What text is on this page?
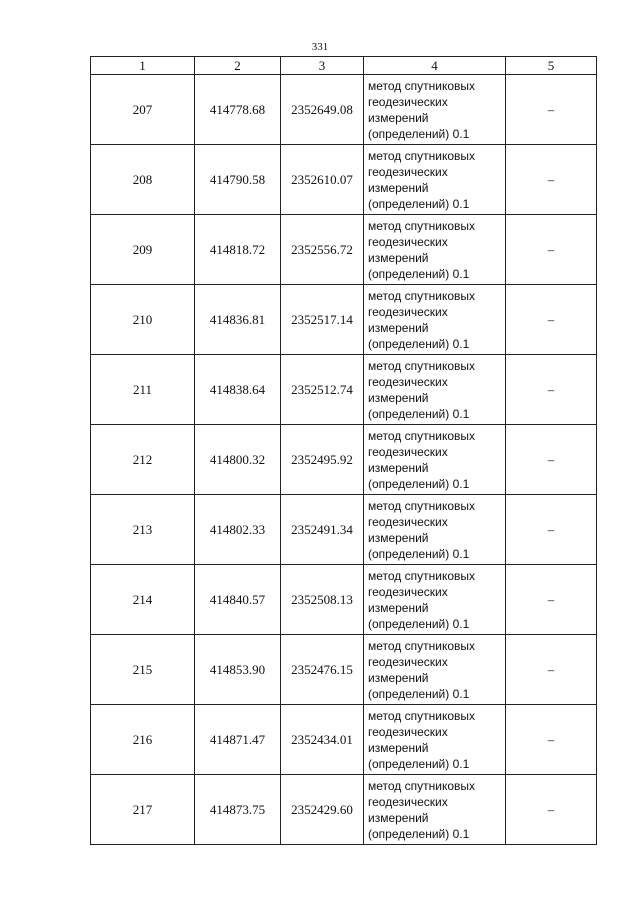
331
1	2	3	4	5
207	414778.68	2352649.08	метод спутниковых
геодезических
измерений
(определений) 0.1	–
208	414790.58	2352610.07	метод спутниковых
геодезических
измерений
(определений) 0.1	–
209	414818.72	2352556.72	метод спутниковых
геодезических
измерений
(определений) 0.1	–
210	414836.81	2352517.14	метод спутниковых
геодезических
измерений
(определений) 0.1	–
211	414838.64	2352512.74	метод спутниковых
геодезических
измерений
(определений) 0.1	–
212	414800.32	2352495.92	метод спутниковых
геодезических
измерений
(определений) 0.1	–
213	414802.33	2352491.34	метод спутниковых
геодезических
измерений
(определений) 0.1	–
214	414840.57	2352508.13	метод спутниковых
геодезических
измерений
(определений) 0.1	–
215	414853.90	2352476.15	метод спутниковых
геодезических
измерений
(определений) 0.1	–
216	414871.47	2352434.01	метод спутниковых
геодезических
измерений
(определений) 0.1	–
217	414873.75	2352429.60	метод спутниковых
геодезических
измерений
(определений) 0.1	–
